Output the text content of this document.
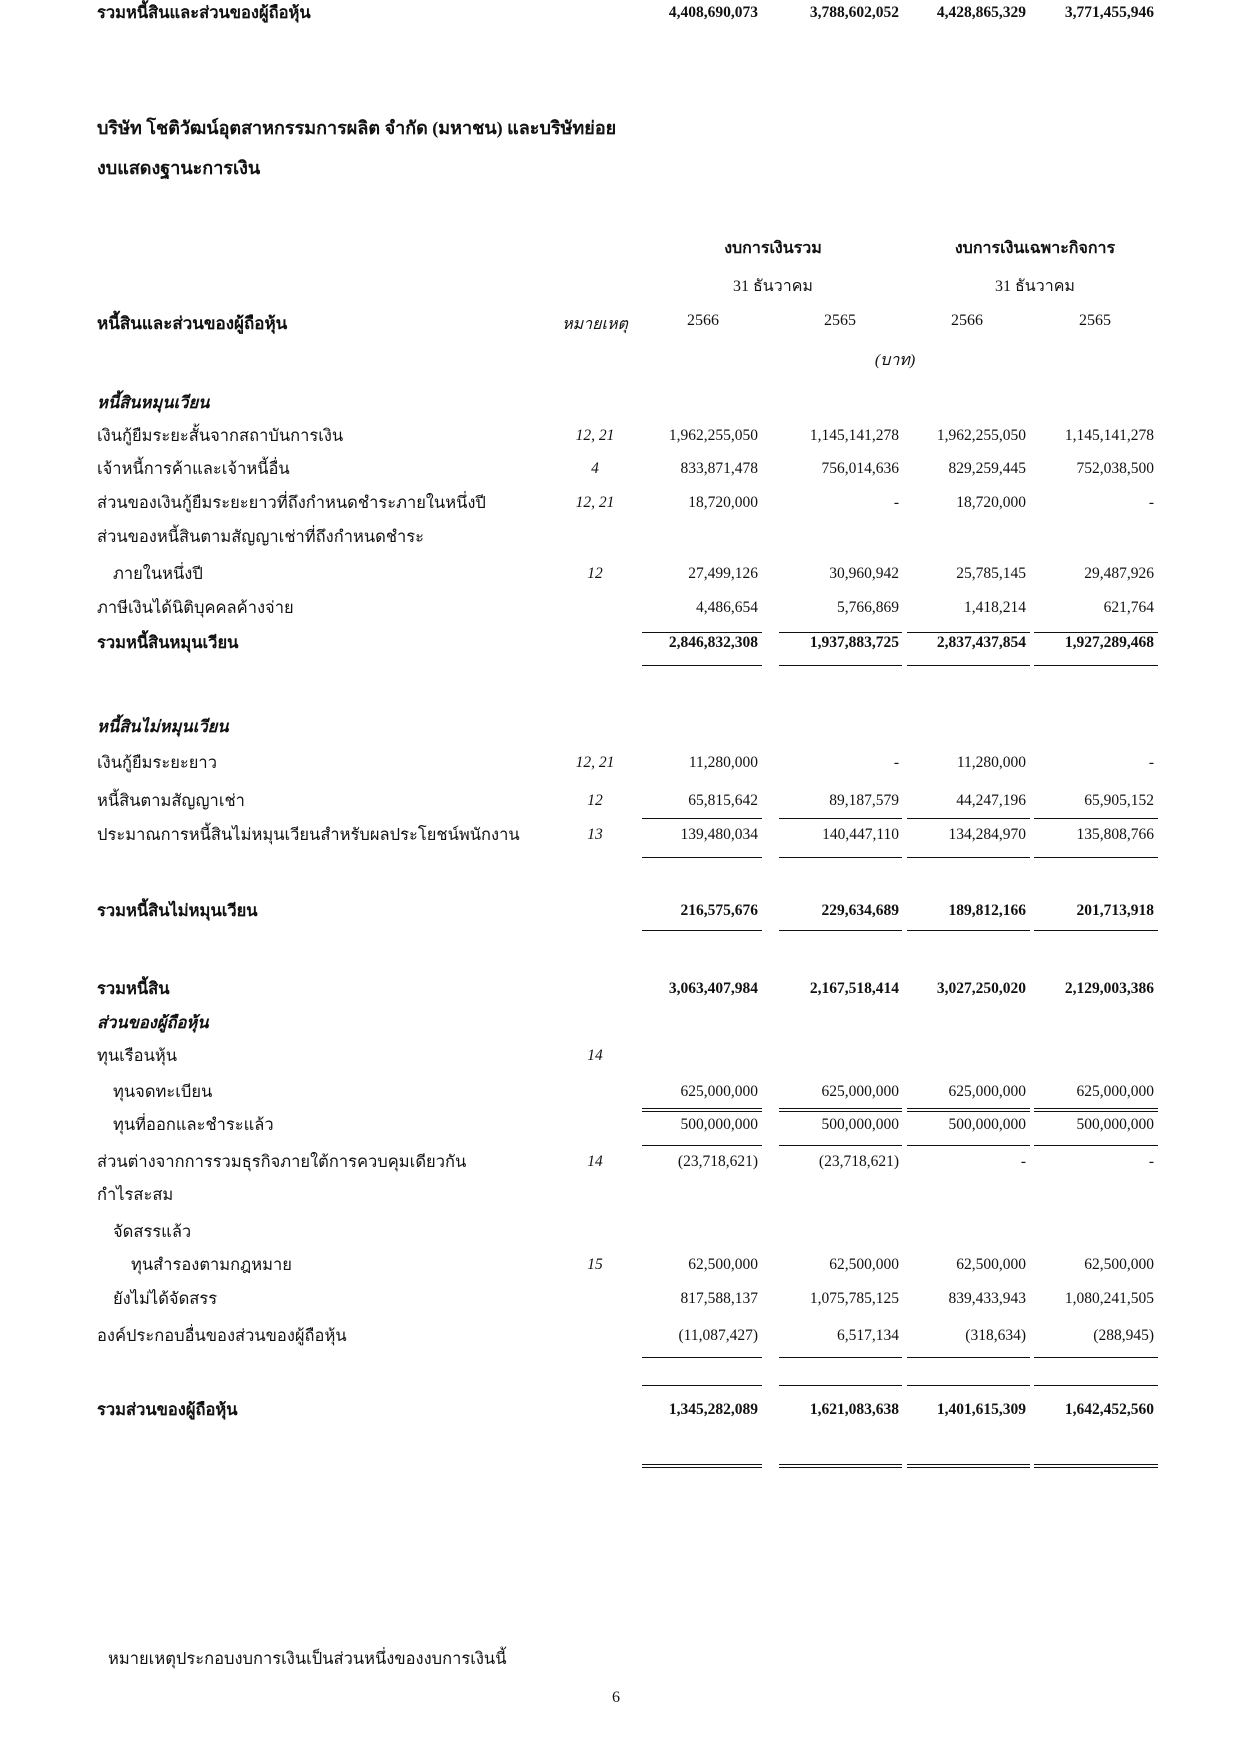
บริษัท โชติวัฒน์อุตสาหกรรมการผลิต จำกัด (มหาชน) และบริษัทย่อย
งบแสดงฐานะการเงิน
งบการเงินรวม	งบการเงินเฉพาะกิจการ
31 ธันวาคม	31 ธันวาคม
หนี้สินและส่วนของผู้ถือหุ้น	หมายเหตุ	2566	2565	2566	2565
(บาท)
หนี้สินหมุนเวียน
เงินกู้ยืมระยะสั้นจากสถาบันการเงิน	12, 21	1,962,255,050	1,145,141,278	1,962,255,050	1,145,141,278
เจ้าหนี้การค้าและเจ้าหนี้อื่น	4	833,871,478	756,014,636	829,259,445	752,038,500
ส่วนของเงินกู้ยืมระยะยาวที่ถึงกำหนดชำระภายในหนึ่งปี	12, 21	18,720,000	-	18,720,000	-
ส่วนของหนี้สินตามสัญญาเช่าที่ถึงกำหนดชำระ
ภายในหนึ่งปี	12	27,499,126	30,960,942	25,785,145	29,487,926
ภาษีเงินได้นิติบุคคลค้างจ่าย	4,486,654	5,766,869	1,418,214	621,764
รวมหนี้สินหมุนเวียน	2,846,832,308	1,937,883,725	2,837,437,854	1,927,289,468
หนี้สินไม่หมุนเวียน
เงินกู้ยืมระยะยาว	12, 21	11,280,000	-	11,280,000	-
หนี้สินตามสัญญาเช่า	12	65,815,642	89,187,579	44,247,196	65,905,152
ประมาณการหนี้สินไม่หมุนเวียนสำหรับผลประโยชน์พนักงาน	13	139,480,034	140,447,110	134,284,970	135,808,766
รวมหนี้สินไม่หมุนเวียน	216,575,676	229,634,689	189,812,166	201,713,918
รวมหนี้สิน	3,063,407,984	2,167,518,414	3,027,250,020	2,129,003,386
ส่วนของผู้ถือหุ้น
ทุนเรือนหุ้น	14
ทุนจดทะเบียน	625,000,000	625,000,000	625,000,000	625,000,000
ทุนที่ออกและชำระแล้ว	500,000,000	500,000,000	500,000,000	500,000,000
ส่วนต่างจากการรวมธุรกิจภายใต้การควบคุมเดียวกัน	14	(23,718,621)	(23,718,621)	-	-
กำไรสะสม
จัดสรรแล้ว
ทุนสำรองตามกฎหมาย	15	62,500,000	62,500,000	62,500,000	62,500,000
ยังไม่ได้จัดสรร	817,588,137	1,075,785,125	839,433,943	1,080,241,505
องค์ประกอบอื่นของส่วนของผู้ถือหุ้น	(11,087,427)	6,517,134	(318,634)	(288,945)
รวมส่วนของผู้ถือหุ้น	1,345,282,089	1,621,083,638	1,401,615,309	1,642,452,560
รวมหนี้สินและส่วนของผู้ถือหุ้น	4,408,690,073	3,788,602,052	4,428,865,329	3,771,455,946
หมายเหตุประกอบงบการเงินเป็นส่วนหนึ่งของงบการเงินนี้
6
